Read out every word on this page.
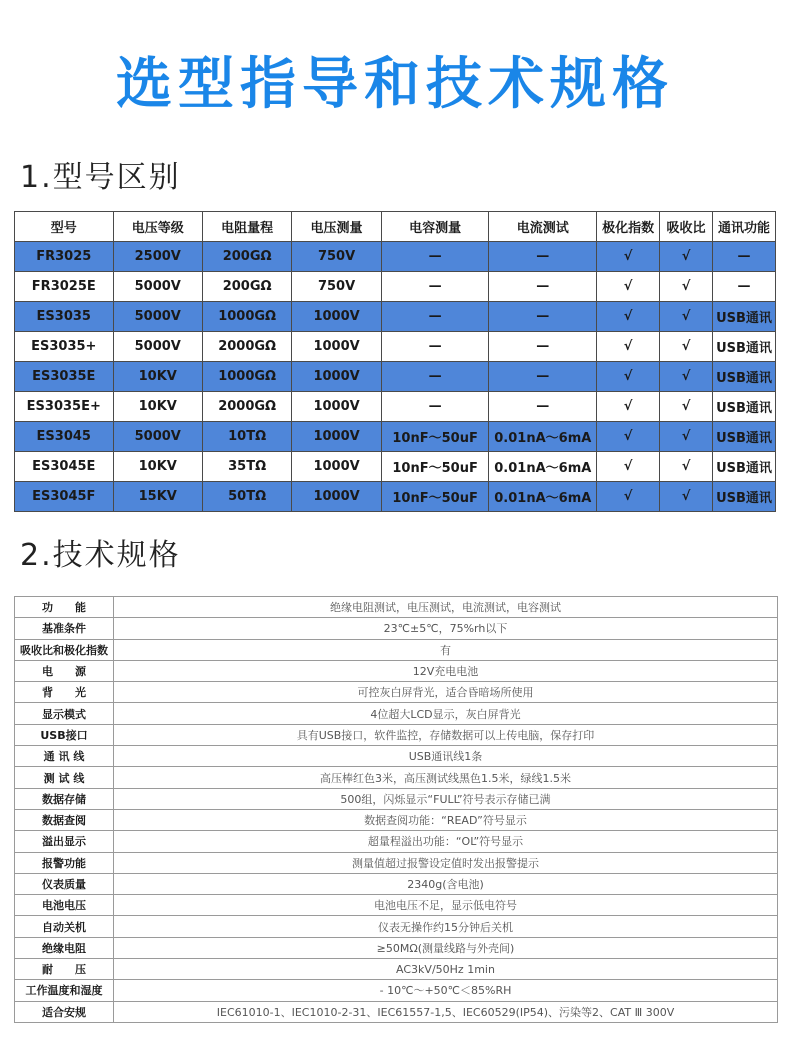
选型指导和技术规格
1.型号区别
型号	电压等级	电阻量程	电压测量	电容测量	电流测试	极化指数	吸收比	通讯功能
FR3025	2500V	200GΩ	750V	—	—	√	√	—
FR3025E	5000V	200GΩ	750V	—	—	√	√	—
ES3035	5000V	1000GΩ	1000V	—	—	√	√	USB通讯
ES3035+	5000V	2000GΩ	1000V	—	—	√	√	USB通讯
ES3035E	10KV	1000GΩ	1000V	—	—	√	√	USB通讯
ES3035E+	10KV	2000GΩ	1000V	—	—	√	√	USB通讯
ES3045	5000V	10TΩ	1000V	10nF～50uF	0.01nA～6mA	√	√	USB通讯
ES3045E	10KV	35TΩ	1000V	10nF～50uF	0.01nA～6mA	√	√	USB通讯
ES3045F	15KV	50TΩ	1000V	10nF～50uF	0.01nA～6mA	√	√	USB通讯
2.技术规格
功　　能	绝缘电阻测试，电压测试，电流测试，电容测试
基准条件	23℃±5℃，75%rh以下
吸收比和极化指数	有
电　　源	12V充电电池
背　　光	可控灰白屏背光，适合昏暗场所使用
显示模式	4位超大LCD显示，灰白屏背光
USB接口	具有USB接口，软件监控，存储数据可以上传电脑，保存打印
通 讯 线	USB通讯线1条
测 试 线	高压棒红色3米，高压测试线黑色1.5米，绿线1.5米
数据存储	500组，闪烁显示“FULL”符号表示存储已满
数据查阅	数据查阅功能：“READ”符号显示
溢出显示	超量程溢出功能：“OL”符号显示
报警功能	测量值超过报警设定值时发出报警提示
仪表质量	2340g(含电池)
电池电压	电池电压不足，显示低电符号
自动关机	仪表无操作约15分钟后关机
绝缘电阻	≥50MΩ(测量线路与外壳间)
耐　　压	AC3kV/50Hz 1min
工作温度和湿度	- 10℃～+50℃＜85%RH
适合安规	IEC61010-1、IEC1010-2-31、IEC61557-1,5、IEC60529(IP54)、污染等2、CAT Ⅲ 300V
